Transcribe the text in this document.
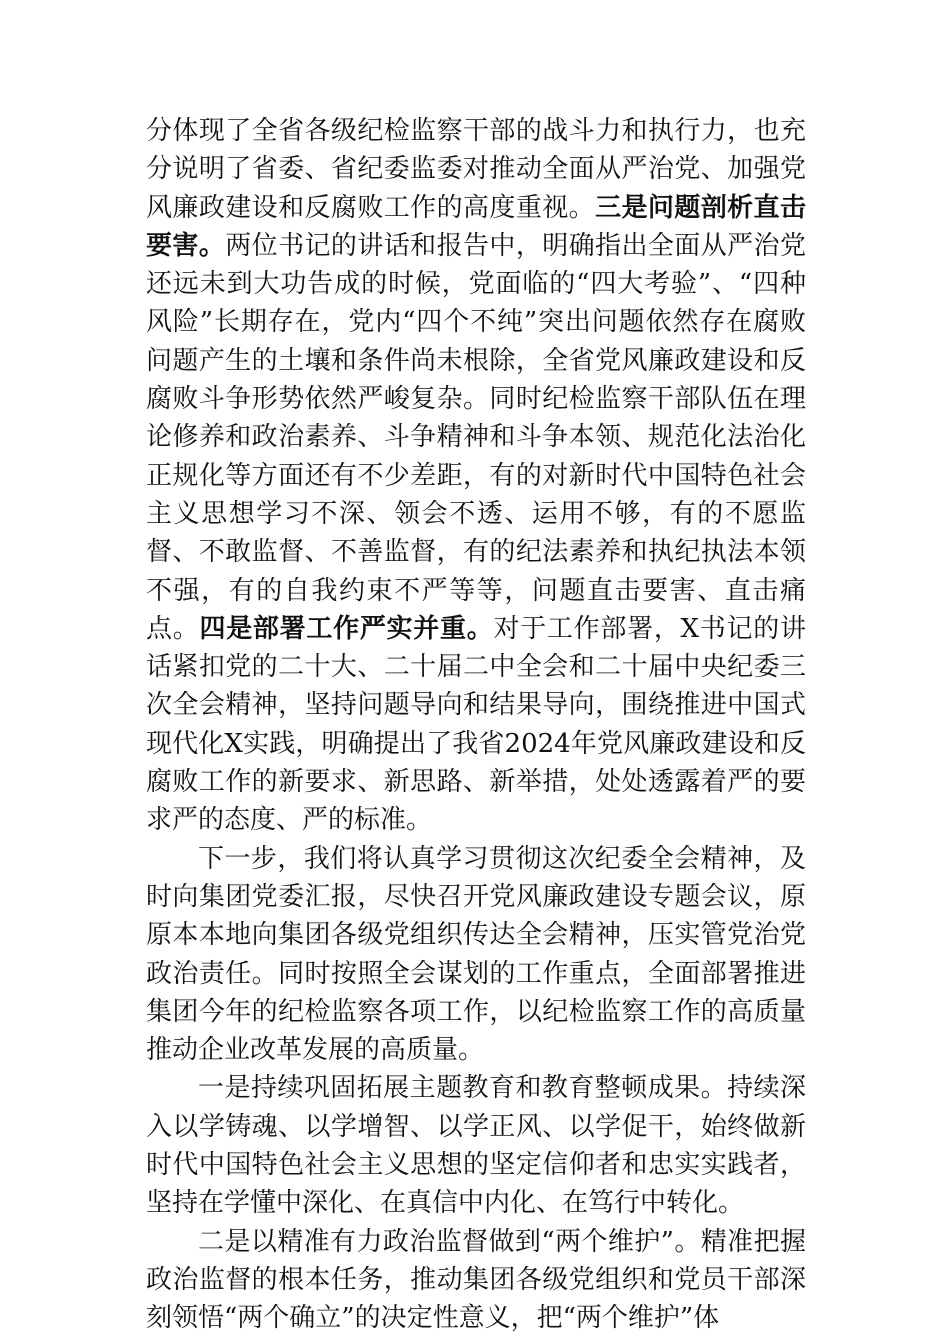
分体现了全省各级纪检监察干部的战斗力和执行力，也充分说明了省委、省纪委监委对推动全面从严治党、加强党风廉政建设和反腐败工作的高度重视。三是问题剖析直击要害。两位书记的讲话和报告中，明确指出全面从严治党还远未到大功告成的时候，党面临的“四大考验”、“四种风险”长期存在，党内“四个不纯”突出问题依然存在腐败问题产生的土壤和条件尚未根除，全省党风廉政建设和反腐败斗争形势依然严峻复杂。同时纪检监察干部队伍在理论修养和政治素养、斗争精神和斗争本领、规范化法治化正规化等方面还有不少差距，有的对新时代中国特色社会主义思想学习不深、领会不透、运用不够，有的不愿监督、不敢监督、不善监督，有的纪法素养和执纪执法本领不强，有的自我约束不严等等，问题直击要害、直击痛点。四是部署工作严实并重。对于工作部署，X书记的讲话紧扣党的二十大、二十届二中全会和二十届中央纪委三次全会精神，坚持问题导向和结果导向，围绕推进中国式现代化X实践，明确提出了我省2024年党风廉政建设和反腐败工作的新要求、新思路、新举措，处处透露着严的要求严的态度、严的标准。

下一步，我们将认真学习贯彻这次纪委全会精神，及时向集团党委汇报，尽快召开党风廉政建设专题会议，原原本本地向集团各级党组织传达全会精神，压实管党治党政治责任。同时按照全会谋划的工作重点，全面部署推进集团今年的纪检监察各项工作，以纪检监察工作的高质量推动企业改革发展的高质量。

一是持续巩固拓展主题教育和教育整顿成果。持续深入以学铸魂、以学增智、以学正风、以学促干，始终做新时代中国特色社会主义思想的坚定信仰者和忠实实践者，坚持在学懂中深化、在真信中内化、在笃行中转化。

二是以精准有力政治监督做到“两个维护”。精准把握政治监督的根本任务，推动集团各级党组织和党员干部深刻领悟“两个确立”的决定性意义，把“两个维护”体
